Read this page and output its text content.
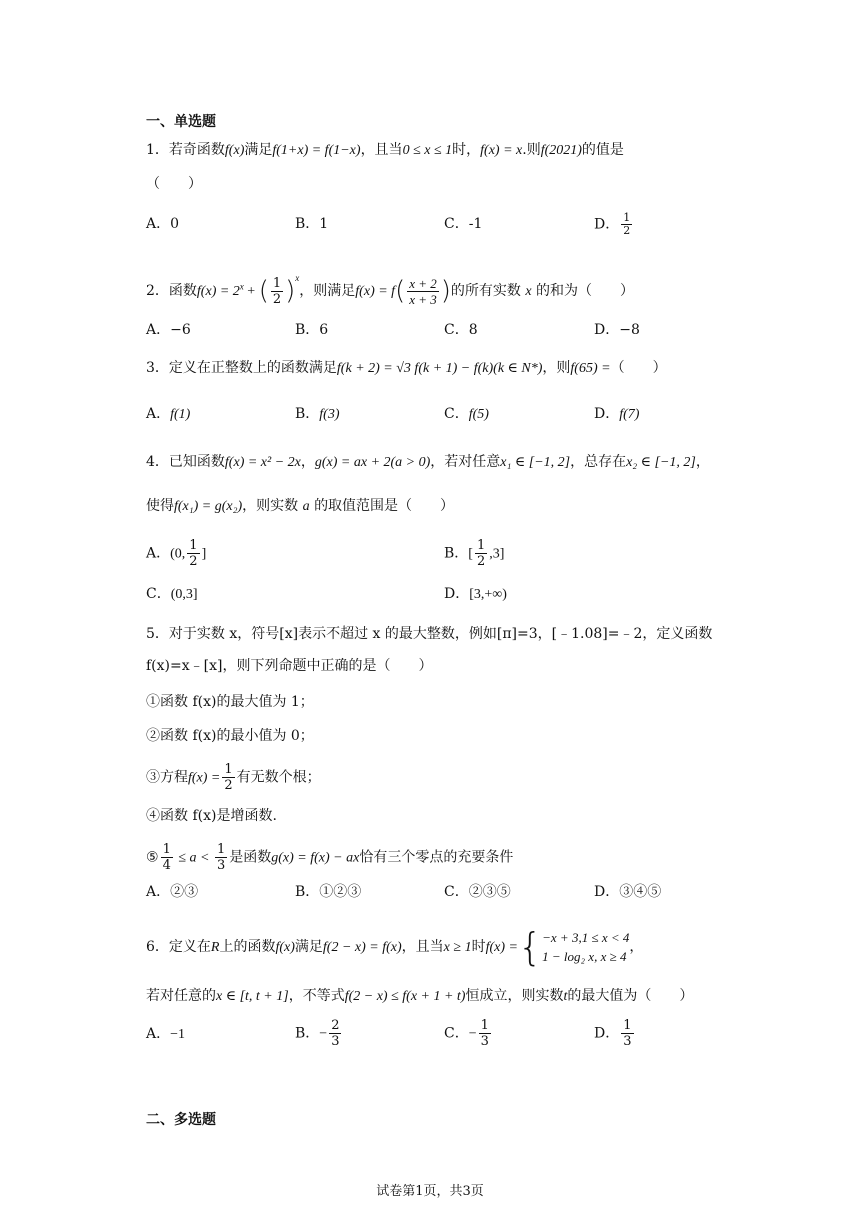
一、单选题
1．若奇函数f(x)满足f(1+x) = f(1−x)，且当0 ≤ x ≤ 1时，f(x) = x.则f(2021)的值是
（　　）
A．0	B．1	C．-1	D． $\frac{1}{2}$
2．函数$f(x) = 2^x$ + ( $\frac{1}{2} )^x$，则满足$f(x) = f( \frac{x + 2}{x + 3}$ )的所有实数 x 的和为（　　）
A．−6	B．6	C．8	D．−8
3．定义在正整数上的函数满足f(k + 2) = √3 f(k + 1) − f(k)(k ∈ N*)，则f(65) =（　　）
A．f(1)	B．f(3)	C．f(5)	D．f(7)
4．已知函数f(x) = x² − 2x，g(x) = ax + 2(a > 0)，若对任意x₁ ∈ [−1, 2]，总存在x₂ ∈ [−1, 2]，
使得f(x₁) = g(x₂)，则实数 a 的取值范围是（　　）
A．(0, $\frac{1}{2}$ ]	B．[ $\frac{1}{2} ,3$]
C．(0,3]	D．[3,+∞)
5．对于实数 x，符号[x]表示不超过 x 的最大整数，例如[π]=3，[﹣1.08]=﹣2，定义函数
f(x)=x﹣[x]，则下列命题中正确的是（　　）
①函数 f(x)的最大值为 1；
②函数 f(x)的最小值为 0；
③方程$f(x) = \frac{1}{2}$ 有无数个根；
④函数 f(x)是增函数.
⑤ $\frac{1}{4} \le a < \frac{1}{3}$ 是函数g(x) = f(x) − ax恰有三个零点的充要条件
A．②③	B．①②③	C．②③⑤	D．③④⑤
6．定义在R上的函数f(x)满足f(2 − x) = f(x)，且当x ≥ 1时f(x) = { −x + 3,1 ≤ x < 4
1 − log₂ x, x ≥ 4
，
若对任意的x ∈ [t, t + 1]，不等式f(2 − x) ≤ f(x + 1 + t)恒成立，则实数t的最大值为（　　）
A．−1	B．− $\frac{2}{3}$	C．− $\frac{1}{3}$	D． $\frac{1}{3}$
二、多选题
试卷第1页，共3页
